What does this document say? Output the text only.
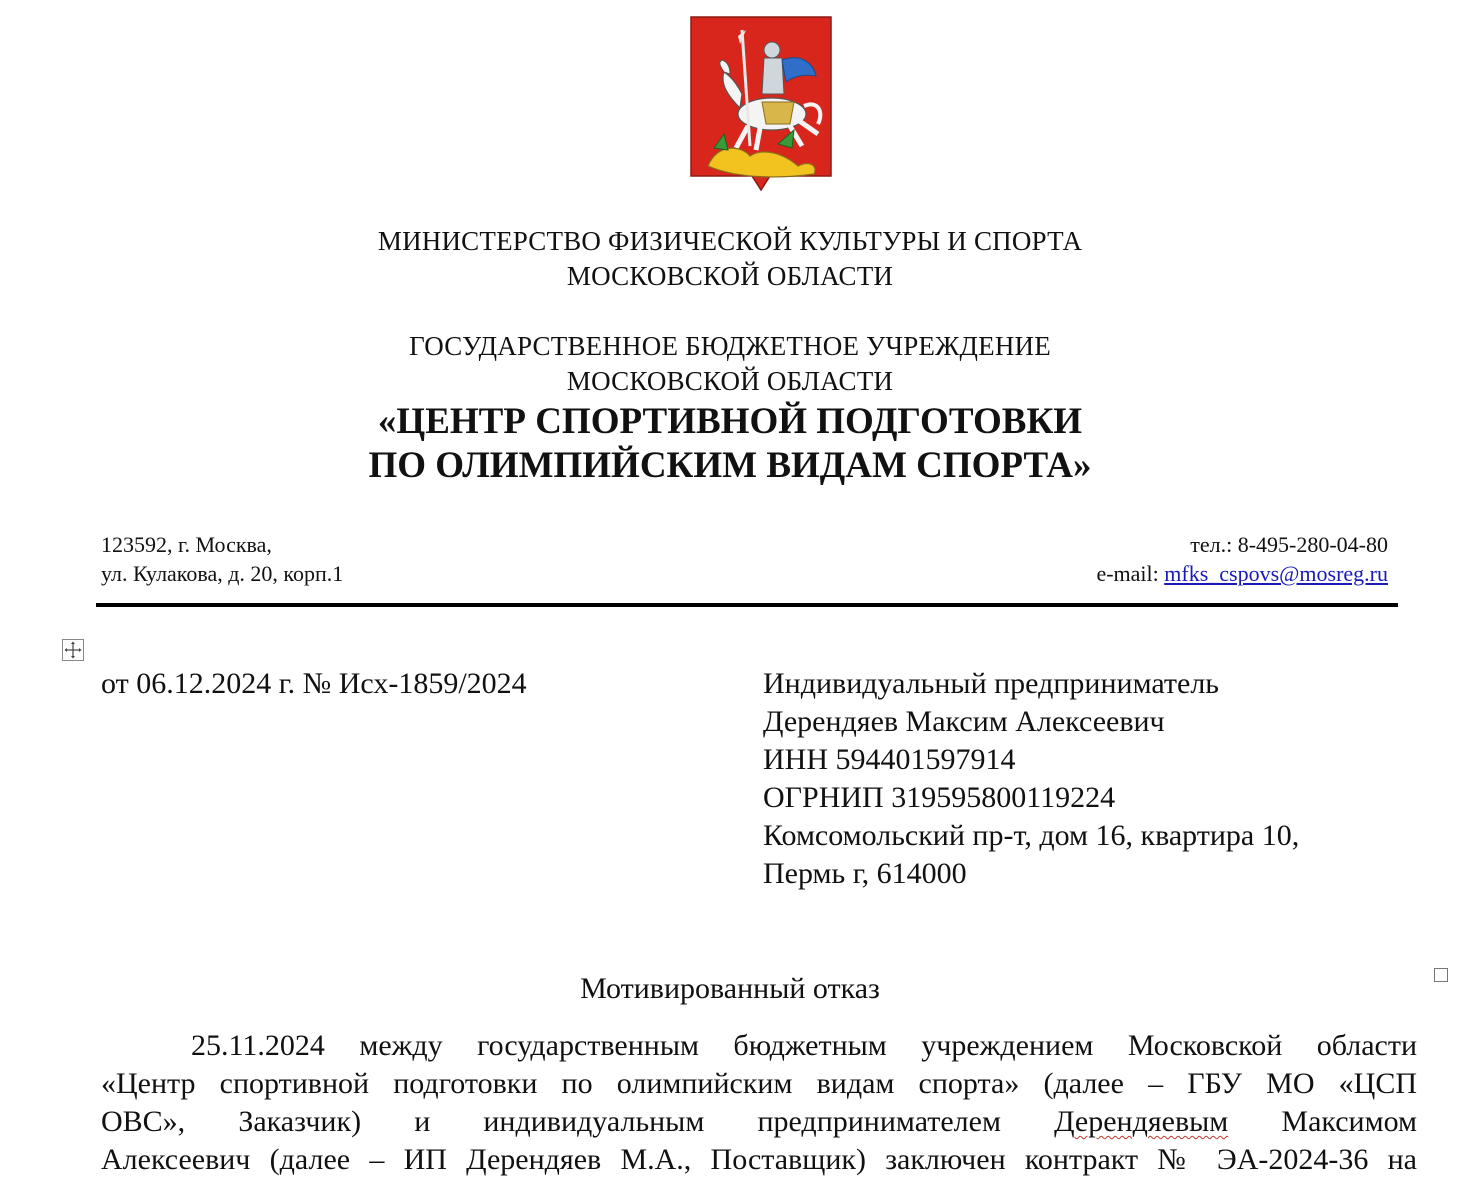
МИНИСТЕРСТВО ФИЗИЧЕСКОЙ КУЛЬТУРЫ И СПОРТА
МОСКОВСКОЙ ОБЛАСТИ
ГОСУДАРСТВЕННОЕ БЮДЖЕТНОЕ УЧРЕЖДЕНИЕ
МОСКОВСКОЙ ОБЛАСТИ
«ЦЕНТР СПОРТИВНОЙ ПОДГОТОВКИ
ПО ОЛИМПИЙСКИМ ВИДАМ СПОРТА»
123592, г. Москва,
ул. Кулакова, д. 20, корп.1
тел.: 8-495-280-04-80
e-mail: mfks_cspovs@mosreg.ru
от 06.12.2024 г. № Исх-1859/2024	Индивидуальный предприниматель
Дерендяев Максим Алексеевич
ИНН 594401597914
ОГРНИП 319595800119224
Комсомольский пр-т, дом 16, квартира 10,
Пермь г, 614000
Мотивированный отказ
25.11.2024 между государственным бюджетным учреждением Московской области
«Центр спортивной подготовки по олимпийским видам спорта» (далее – ГБУ МО «ЦСП
ОВС», Заказчик) и индивидуальным предпринимателем Дерендяевым Максимом
Алексеевич (далее – ИП Дерендяев М.А., Поставщик) заключен контракт № ЭА-2024-36 на
